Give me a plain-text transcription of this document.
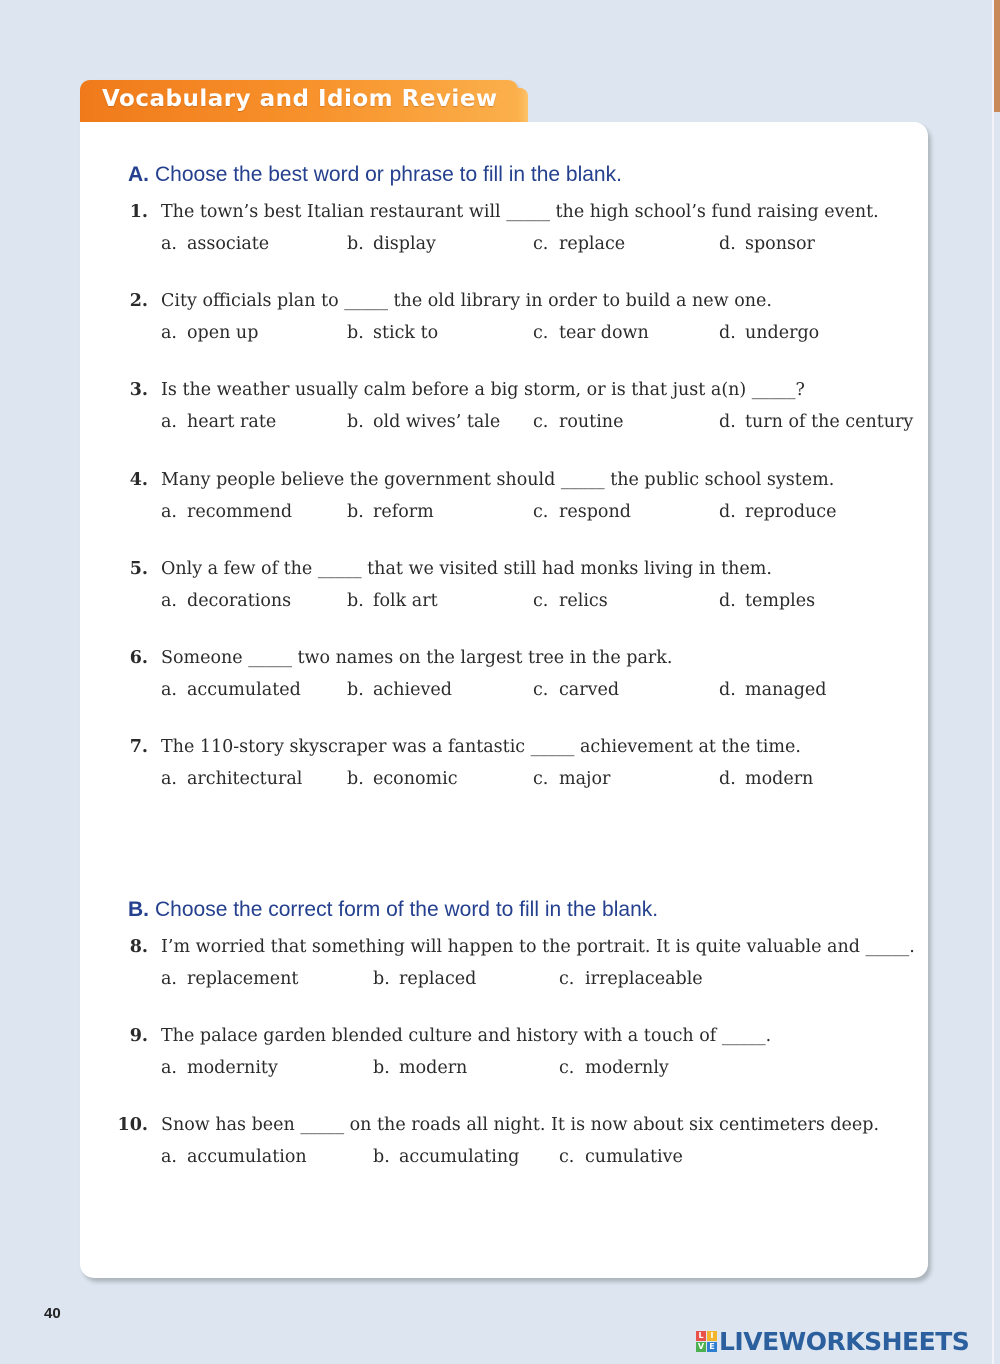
Vocabulary and Idiom Review
A. Choose the best word or phrase to fill in the blank.
1. The town’s best Italian restaurant will _____ the high school’s fund raising event.
a. associate	b. display	c. replace	d. sponsor
2. City officials plan to _____ the old library in order to build a new one.
a. open up	b. stick to	c. tear down	d. undergo
3. Is the weather usually calm before a big storm, or is that just a(n) _____?
a. heart rate	b. old wives’ tale c. routine	d. turn of the century
4. Many people believe the government should _____ the public school system.
a. recommend	b. reform	c. respond	d. reproduce
5. Only a few of the _____ that we visited still had monks living in them.
a. decorations	b. folk art	c. relics	d. temples
6. Someone _____ two names on the largest tree in the park.
a. accumulated	b. achieved	c. carved	d. managed
7. The 110-story skyscraper was a fantastic _____ achievement at the time.
a. architectural	b. economic	c. major	d. modern
B. Choose the correct form of the word to fill in the blank.
8. I’m worried that something will happen to the portrait. It is quite valuable and _____.
a. replacement	b. replaced	c. irreplaceable
9. The palace garden blended culture and history with a touch of _____.
a. modernity	b. modern	c. modernly
10. Snow has been _____ on the roads all night. It is now about six centimeters deep.
a. accumulation	b. accumulating c. cumulative
40
L I
V E LIVEWORKSHEETS
